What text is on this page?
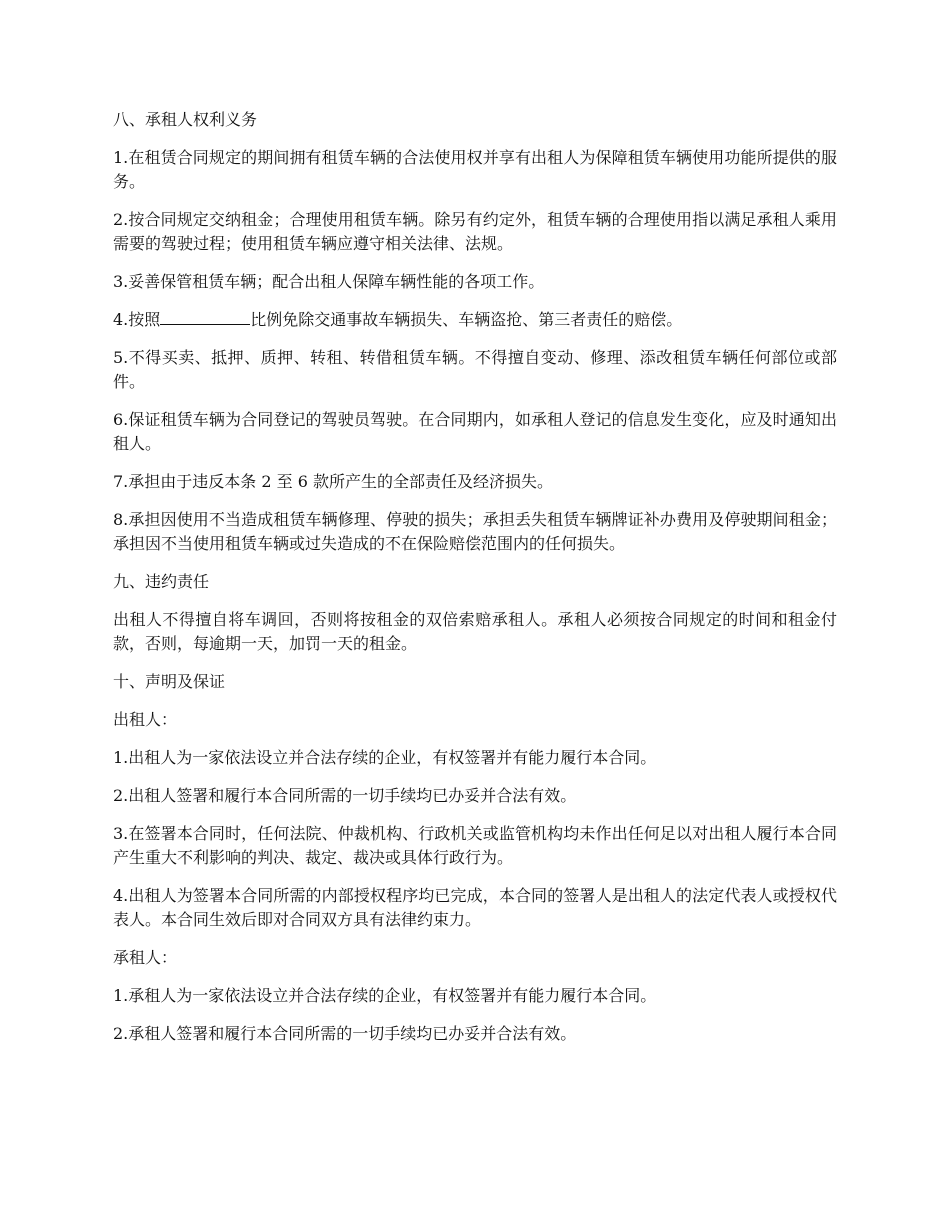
八、承租人权利义务

1.在租赁合同规定的期间拥有租赁车辆的合法使用权并享有出租人为保障租赁车辆使用功能所提供的服务。

2.按合同规定交纳租金；合理使用租赁车辆。除另有约定外，租赁车辆的合理使用指以满足承租人乘用需要的驾驶过程；使用租赁车辆应遵守相关法律、法规。

3.妥善保管租赁车辆；配合出租人保障车辆性能的各项工作。

4.按照	比例免除交通事故车辆损失、车辆盗抢、第三者责任的赔偿。

5.不得买卖、抵押、质押、转租、转借租赁车辆。不得擅自变动、修理、添改租赁车辆任何部位或部件。

6.保证租赁车辆为合同登记的驾驶员驾驶。在合同期内，如承租人登记的信息发生变化，应及时通知出租人。

7.承担由于违反本条 2 至 6 款所产生的全部责任及经济损失。

8.承担因使用不当造成租赁车辆修理、停驶的损失；承担丢失租赁车辆牌证补办费用及停驶期间租金；承担因不当使用租赁车辆或过失造成的不在保险赔偿范围内的任何损失。

九、违约责任

出租人不得擅自将车调回，否则将按租金的双倍索赔承租人。承租人必须按合同规定的时间和租金付款，否则，每逾期一天，加罚一天的租金。

十、声明及保证

出租人：

1.出租人为一家依法设立并合法存续的企业，有权签署并有能力履行本合同。

2.出租人签署和履行本合同所需的一切手续均已办妥并合法有效。

3.在签署本合同时，任何法院、仲裁机构、行政机关或监管机构均未作出任何足以对出租人履行本合同产生重大不利影响的判决、裁定、裁决或具体行政行为。

4.出租人为签署本合同所需的内部授权程序均已完成，本合同的签署人是出租人的法定代表人或授权代表人。本合同生效后即对合同双方具有法律约束力。

承租人：

1.承租人为一家依法设立并合法存续的企业，有权签署并有能力履行本合同。

2.承租人签署和履行本合同所需的一切手续均已办妥并合法有效。
